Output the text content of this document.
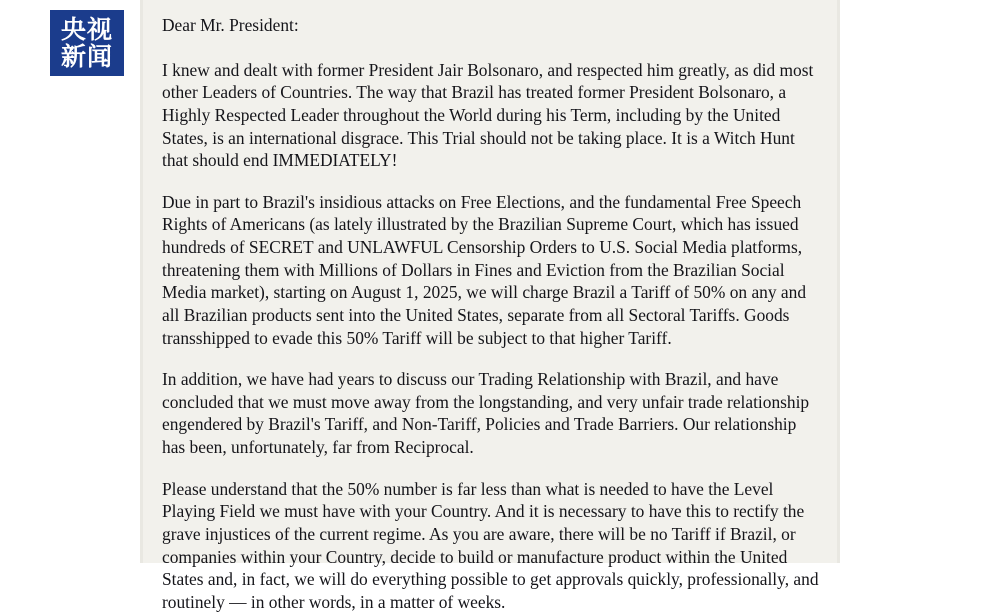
央视
新闻

Dear Mr. President:

I knew and dealt with former President Jair Bolsonaro, and respected him greatly, as did most other Leaders of Countries. The way that Brazil has treated former President Bolsonaro, a Highly Respected Leader throughout the World during his Term, including by the United States, is an international disgrace. This Trial should not be taking place. It is a Witch Hunt that should end IMMEDIATELY!

Due in part to Brazil's insidious attacks on Free Elections, and the fundamental Free Speech Rights of Americans (as lately illustrated by the Brazilian Supreme Court, which has issued hundreds of SECRET and UNLAWFUL Censorship Orders to U.S. Social Media platforms, threatening them with Millions of Dollars in Fines and Eviction from the Brazilian Social Media market), starting on August 1, 2025, we will charge Brazil a Tariff of 50% on any and all Brazilian products sent into the United States, separate from all Sectoral Tariffs. Goods transshipped to evade this 50% Tariff will be subject to that higher Tariff.

In addition, we have had years to discuss our Trading Relationship with Brazil, and have concluded that we must move away from the longstanding, and very unfair trade relationship engendered by Brazil's Tariff, and Non-Tariff, Policies and Trade Barriers. Our relationship has been, unfortunately, far from Reciprocal.

Please understand that the 50% number is far less than what is needed to have the Level Playing Field we must have with your Country. And it is necessary to have this to rectify the grave injustices of the current regime. As you are aware, there will be no Tariff if Brazil, or companies within your Country, decide to build or manufacture product within the United States and, in fact, we will do everything possible to get approvals quickly, professionally, and routinely — in other words, in a matter of weeks.
